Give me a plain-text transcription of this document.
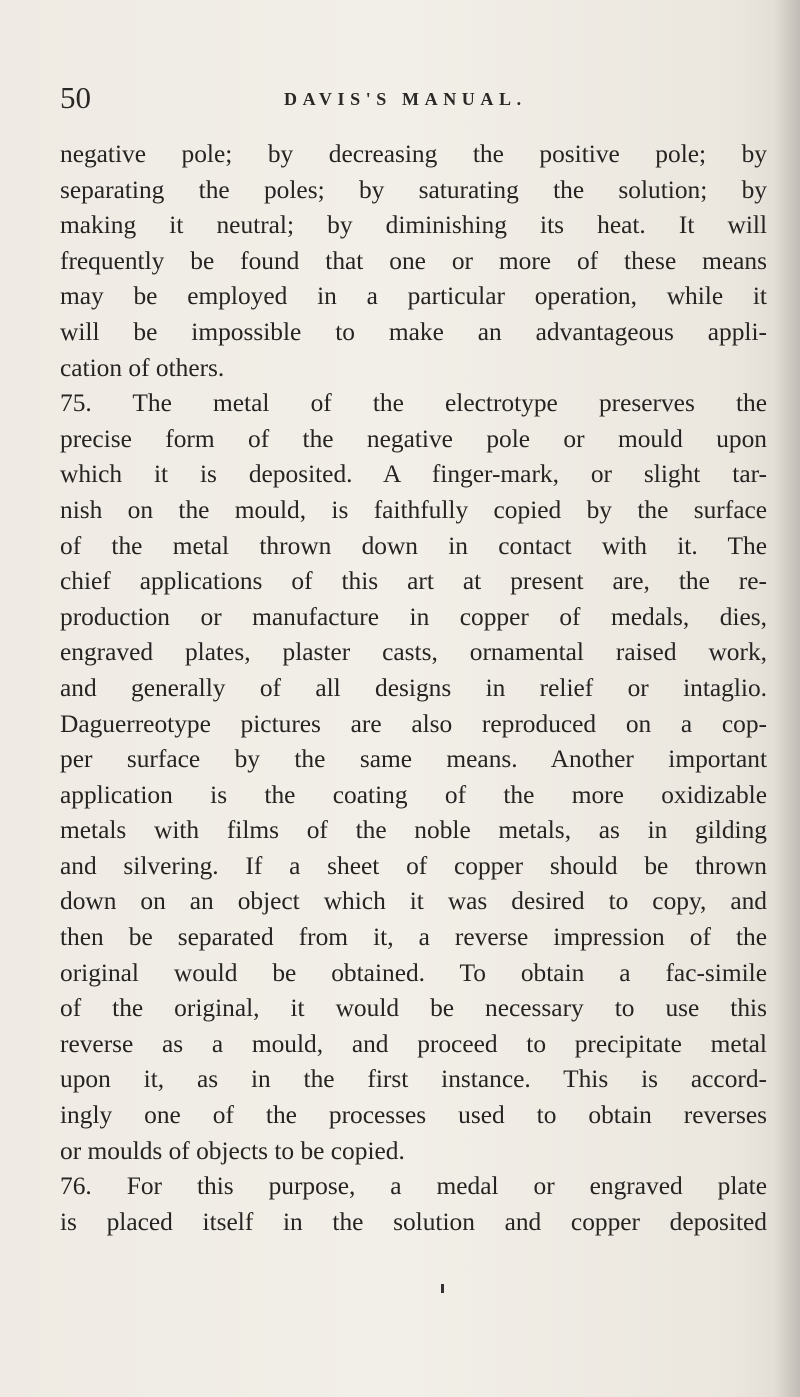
50	DAVIS'S MANUAL.
negative pole; by decreasing the positive pole; by
separating the poles; by saturating the solution; by
making it neutral; by diminishing its heat. It will
frequently be found that one or more of these means
may be employed in a particular operation, while it
will be impossible to make an advantageous appli-
cation of others.
75. The metal of the electrotype preserves the
precise form of the negative pole or mould upon
which it is deposited. A finger-mark, or slight tar-
nish on the mould, is faithfully copied by the surface
of the metal thrown down in contact with it. The
chief applications of this art at present are, the re-
production or manufacture in copper of medals, dies,
engraved plates, plaster casts, ornamental raised work,
and generally of all designs in relief or intaglio.
Daguerreotype pictures are also reproduced on a cop-
per surface by the same means. Another important
application is the coating of the more oxidizable
metals with films of the noble metals, as in gilding
and silvering. If a sheet of copper should be thrown
down on an object which it was desired to copy, and
then be separated from it, a reverse impression of the
original would be obtained. To obtain a fac-simile
of the original, it would be necessary to use this
reverse as a mould, and proceed to precipitate metal
upon it, as in the first instance. This is accord-
ingly one of the processes used to obtain reverses
or moulds of objects to be copied.
76. For this purpose, a medal or engraved plate
is placed itself in the solution and copper deposited
